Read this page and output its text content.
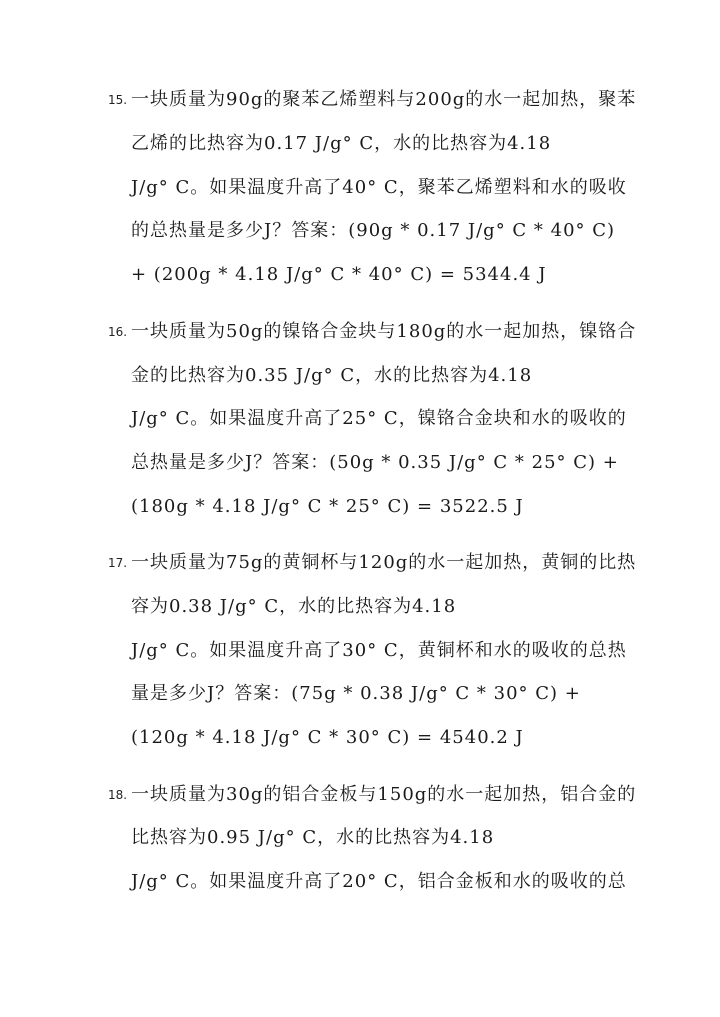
15. 一块质量为90g的聚苯乙烯塑料与200g的水一起加热，聚苯
乙烯的比热容为0.17 J/g° C，水的比热容为4.18
J/g° C。如果温度升高了40° C，聚苯乙烯塑料和水的吸收
的总热量是多少J？答案：(90g * 0.17 J/g° C * 40° C)
+ (200g * 4.18 J/g° C * 40° C) = 5344.4 J
16. 一块质量为50g的镍铬合金块与180g的水一起加热，镍铬合
金的比热容为0.35 J/g° C，水的比热容为4.18
J/g° C。如果温度升高了25° C，镍铬合金块和水的吸收的
总热量是多少J？答案：(50g * 0.35 J/g° C * 25° C) +
(180g * 4.18 J/g° C * 25° C) = 3522.5 J
17. 一块质量为75g的黄铜杯与120g的水一起加热，黄铜的比热
容为0.38 J/g° C，水的比热容为4.18
J/g° C。如果温度升高了30° C，黄铜杯和水的吸收的总热
量是多少J？答案：(75g * 0.38 J/g° C * 30° C) +
(120g * 4.18 J/g° C * 30° C) = 4540.2 J
18. 一块质量为30g的铝合金板与150g的水一起加热，铝合金的
比热容为0.95 J/g° C，水的比热容为4.18
J/g° C。如果温度升高了20° C，铝合金板和水的吸收的总
